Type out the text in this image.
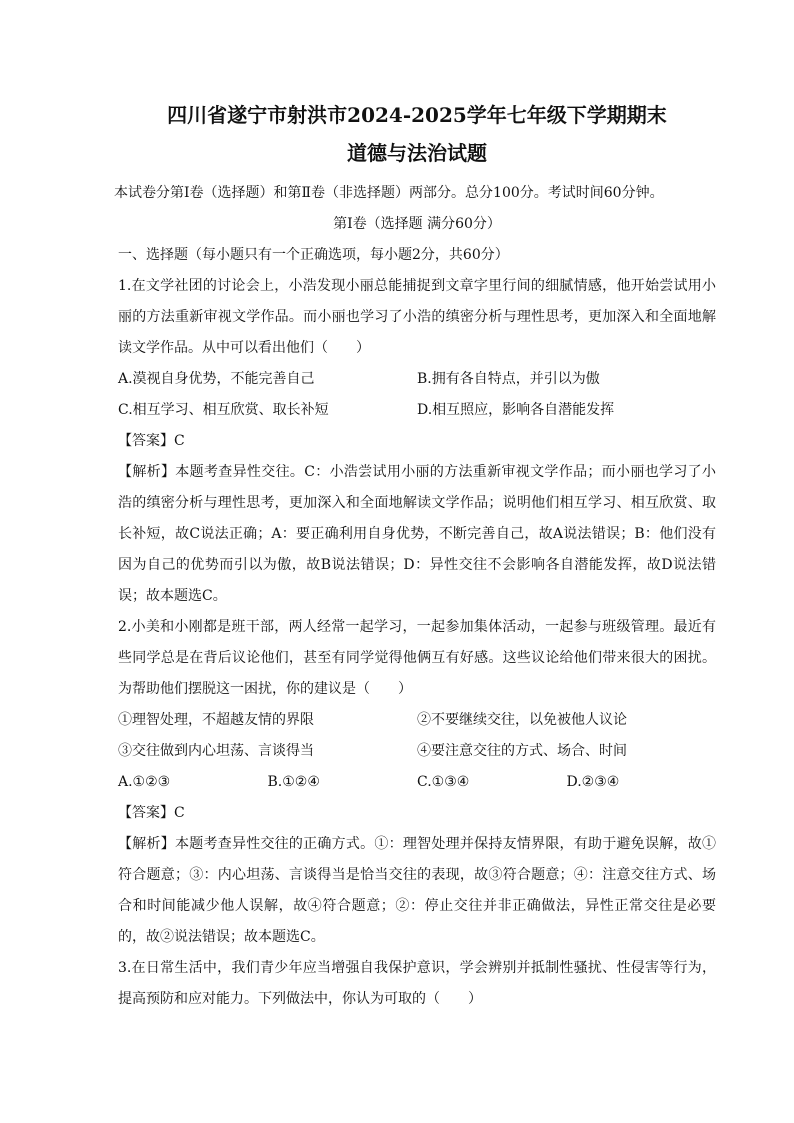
四川省遂宁市射洪市2024-2025学年七年级下学期期末
道德与法治试题

本试卷分第Ⅰ卷（选择题）和第Ⅱ卷（非选择题）两部分。总分100分。考试时间60分钟。

第Ⅰ卷（选择题 满分60分）

一、选择题（每小题只有一个正确选项，每小题2分，共60分）

1.在文学社团的讨论会上，小浩发现小丽总能捕捉到文章字里行间的细腻情感，他开始尝试用小丽的方法重新审视文学作品。而小丽也学习了小浩的缜密分析与理性思考，更加深入和全面地解读文学作品。从中可以看出他们（　　）

A.漠视自身优势，不能完善自己	B.拥有各自特点，并引以为傲
C.相互学习、相互欣赏、取长补短	D.相互照应，影响各自潜能发挥

【答案】C

【解析】本题考查异性交往。C：小浩尝试用小丽的方法重新审视文学作品；而小丽也学习了小浩的缜密分析与理性思考，更加深入和全面地解读文学作品；说明他们相互学习、相互欣赏、取长补短，故C说法正确；A：要正确利用自身优势，不断完善自己，故A说法错误；B：他们没有因为自己的优势而引以为傲，故B说法错误；D：异性交往不会影响各自潜能发挥，故D说法错误；故本题选C。

2.小美和小刚都是班干部，两人经常一起学习，一起参加集体活动，一起参与班级管理。最近有些同学总是在背后议论他们，甚至有同学觉得他俩互有好感。这些议论给他们带来很大的困扰。为帮助他们摆脱这一困扰，你的建议是（　　）

①理智处理，不超越友情的界限	②不要继续交往，以免被他人议论
③交往做到内心坦荡、言谈得当	④要注意交往的方式、场合、时间
A.①②③	B.①②④	C.①③④	D.②③④

【答案】C

【解析】本题考查异性交往的正确方式。①：理智处理并保持友情界限，有助于避免误解，故①符合题意；③：内心坦荡、言谈得当是恰当交往的表现，故③符合题意；④：注意交往方式、场合和时间能减少他人误解，故④符合题意；②：停止交往并非正确做法，异性正常交往是必要的，故②说法错误；故本题选C。

3.在日常生活中，我们青少年应当增强自我保护意识，学会辨别并抵制性骚扰、性侵害等行为，提高预防和应对能力。下列做法中，你认为可取的（　　）
